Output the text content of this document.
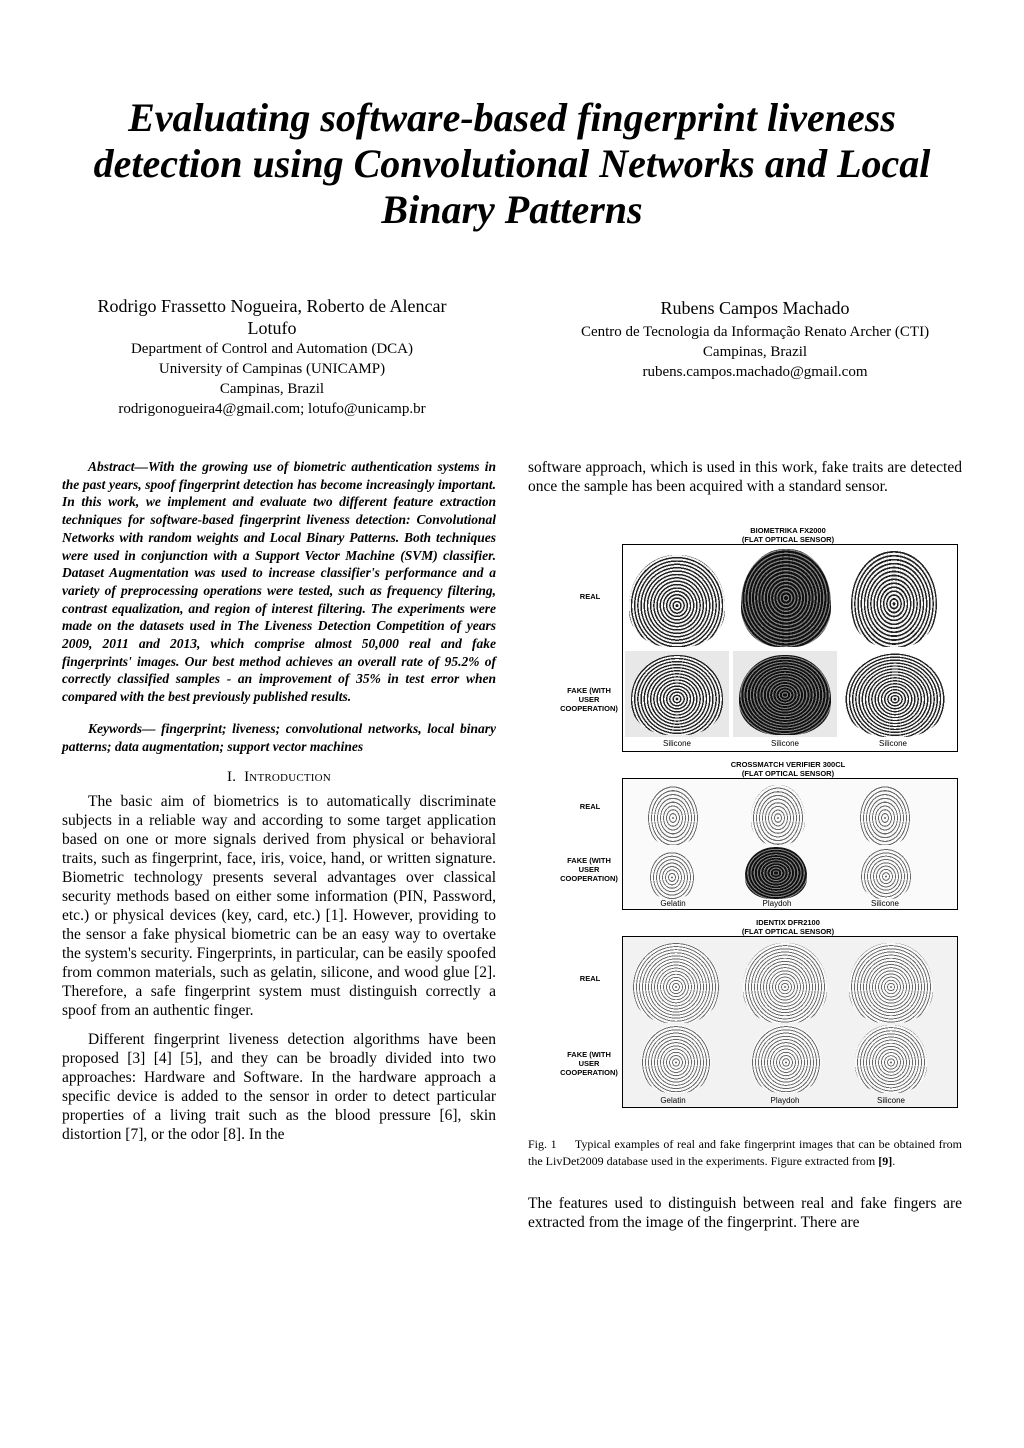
Evaluating software-based fingerprint liveness detection using Convolutional Networks and Local Binary Patterns
Rodrigo Frassetto Nogueira, Roberto de Alencar Lotufo
Department of Control and Automation (DCA)
University of Campinas (UNICAMP)
Campinas, Brazil
rodrigonogueira4@gmail.com; lotufo@unicamp.br
Rubens Campos Machado
Centro de Tecnologia da Informação Renato Archer (CTI)
Campinas, Brazil
rubens.campos.machado@gmail.com

Abstract—With the growing use of biometric authentication systems in the past years, spoof fingerprint detection has become increasingly important. In this work, we implement and evaluate two different feature extraction techniques for software-based fingerprint liveness detection: Convolutional Networks with random weights and Local Binary Patterns. Both techniques were used in conjunction with a Support Vector Machine (SVM) classifier. Dataset Augmentation was used to increase classifier's performance and a variety of preprocessing operations were tested, such as frequency filtering, contrast equalization, and region of interest filtering. The experiments were made on the datasets used in The Liveness Detection Competition of years 2009, 2011 and 2013, which comprise almost 50,000 real and fake fingerprints' images. Our best method achieves an overall rate of 95.2% of correctly classified samples - an improvement of 35% in test error when compared with the best previously published results.

Keywords— fingerprint; liveness; convolutional networks, local binary patterns; data augmentation; support vector machines

I. Introduction

The basic aim of biometrics is to automatically discriminate subjects in a reliable way and according to some target application based on one or more signals derived from physical or behavioral traits, such as fingerprint, face, iris, voice, hand, or written signature. Biometric technology presents several advantages over classical security methods based on either some information (PIN, Password, etc.) or physical devices (key, card, etc.) [1]. However, providing to the sensor a fake physical biometric can be an easy way to overtake the system's security. Fingerprints, in particular, can be easily spoofed from common materials, such as gelatin, silicone, and wood glue [2]. Therefore, a safe fingerprint system must distinguish correctly a spoof from an authentic finger.

Different fingerprint liveness detection algorithms have been proposed [3] [4] [5], and they can be broadly divided into two approaches: Hardware and Software. In the hardware approach a specific device is added to the sensor in order to detect particular properties of a living trait such as the blood pressure [6], skin distortion [7], or the odor [8]. In the

software approach, which is used in this work, fake traits are detected once the sample has been acquired with a standard sensor.

BIOMETRIKA FX2000
(FLAT OPTICAL SENSOR)
Silicone	Silicone	Silicone
REAL
FAKE (WITH USER COOPERATION)
CROSSMATCH VERIFIER 300CL
(FLAT OPTICAL SENSOR)
Gelatin	Playdoh	Silicone
REAL
FAKE (WITH USER COOPERATION)
IDENTIX DFR2100
(FLAT OPTICAL SENSOR)
Gelatin	Playdoh	Silicone
REAL
FAKE (WITH USER COOPERATION)

Fig. 1 Typical examples of real and fake fingerprint images that can be obtained from the LivDet2009 database used in the experiments. Figure extracted from [9].

The features used to distinguish between real and fake fingers are extracted from the image of the fingerprint. There are
